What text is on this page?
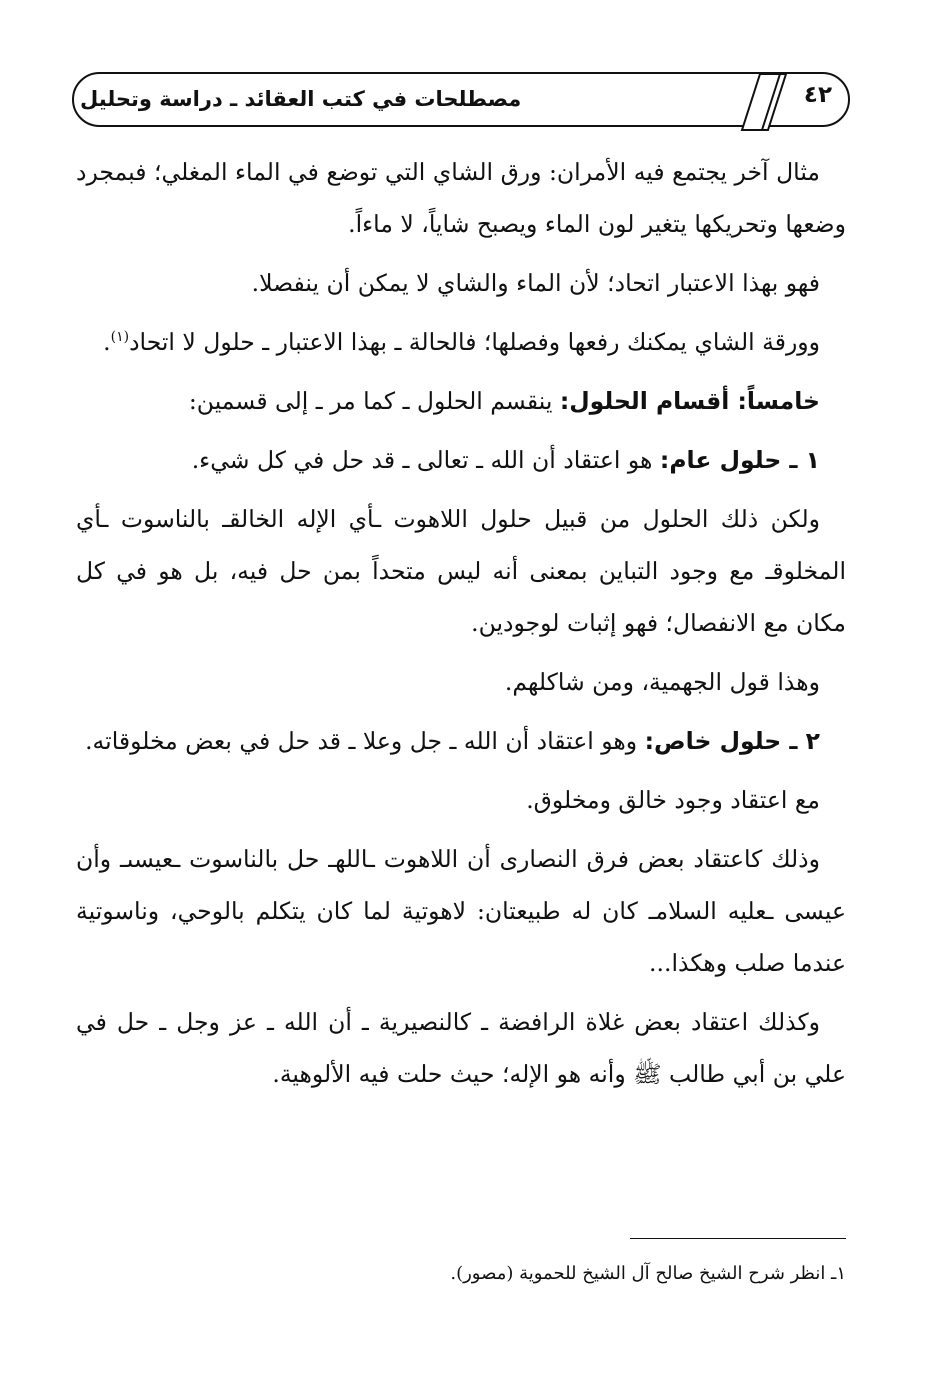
٤٢
مصطلحات في كتب العقائد ـ دراسة وتحليل

مثال آخر يجتمع فيه الأمران: ورق الشاي التي توضع في الماء المغلي؛ فبمجرد وضعها وتحريكها يتغير لون الماء ويصبح شاياً، لا ماءاً.

فهو بهذا الاعتبار اتحاد؛ لأن الماء والشاي لا يمكن أن ينفصلا.

وورقة الشاي يمكنك رفعها وفصلها؛ فالحالة ـ بهذا الاعتبار ـ حلول لا اتحاد$^{(١)}$.

خامساً: أقسام الحلول: ينقسم الحلول ـ كما مر ـ إلى قسمين:

١ ـ حلول عام: هو اعتقاد أن الله ـ تعالى ـ قد حل في كل شيء.

ولكن ذلك الحلول من قبيل حلول اللاهوت ـأي الإله الخالقـ بالناسوت ـأي المخلوقـ مع وجود التباين بمعنى أنه ليس متحداً بمن حل فيه، بل هو في كل مكان مع الانفصال؛ فهو إثبات لوجودين.

وهذا قول الجهمية، ومن شاكلهم.

٢ ـ حلول خاص: وهو اعتقاد أن الله ـ جل وعلا ـ قد حل في بعض مخلوقاته.

مع اعتقاد وجود خالق ومخلوق.

وذلك كاعتقاد بعض فرق النصارى أن اللاهوت ـاللهـ حل بالناسوت ـعيسىـ وأن عيسى ـعليه السلامـ كان له طبيعتان: لاهوتية لما كان يتكلم بالوحي، وناسوتية عندما صلب وهكذا...

وكذلك اعتقاد بعض غلاة الرافضة ـ كالنصيرية ـ أن الله ـ عز وجل ـ حل في علي بن أبي طالب ﷺ وأنه هو الإله؛ حيث حلت فيه الألوهية.

١ـ انظر شرح الشيخ صالح آل الشيخ للحموية (مصور).
